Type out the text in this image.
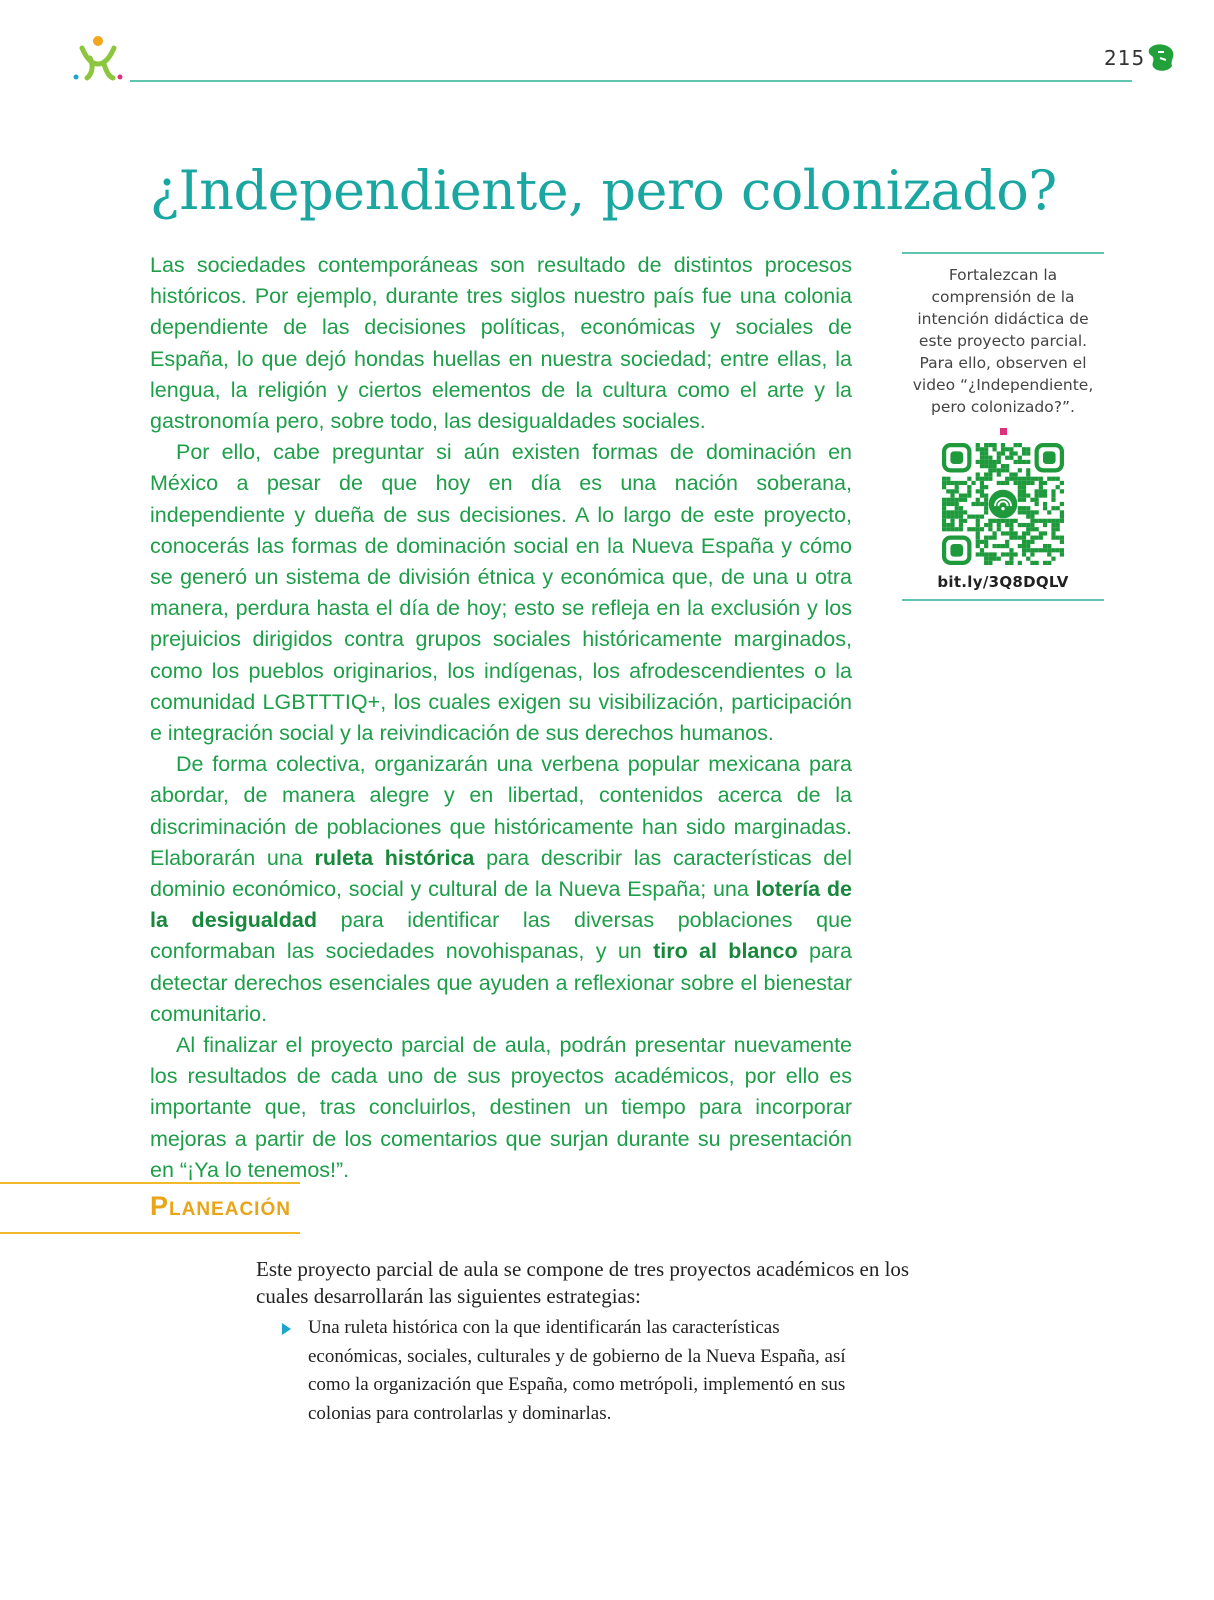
215
¿Independiente, pero colonizado?

Las sociedades contemporáneas son resultado de distintos procesos históricos. Por ejemplo, durante tres siglos nuestro país fue una colonia dependiente de las decisiones políticas, económicas y sociales de España, lo que dejó hondas huellas en nuestra sociedad; entre ellas, la lengua, la religión y ciertos elementos de la cultura como el arte y la gastronomía pero, sobre todo, las desigualdades sociales.

Por ello, cabe preguntar si aún existen formas de dominación en México a pesar de que hoy en día es una nación soberana, independiente y dueña de sus decisiones. A lo largo de este proyecto, conocerás las formas de dominación social en la Nueva España y cómo se generó un sistema de división étnica y económica que, de una u otra manera, perdura hasta el día de hoy; esto se refleja en la exclusión y los prejuicios dirigidos contra grupos sociales históricamente marginados, como los pueblos originarios, los indígenas, los afrodescendientes o la comunidad LGBTTTIQ+, los cuales exigen su visibilización, participación e integración social y la reivindicación de sus derechos humanos.

De forma colectiva, organizarán una verbena popular mexicana para abordar, de manera alegre y en libertad, contenidos acerca de la discriminación de poblaciones que históricamente han sido marginadas. Elaborarán una ruleta histórica para describir las características del dominio económico, social y cultural de la Nueva España; una lotería de la desigualdad para identificar las diversas poblaciones que conformaban las sociedades novohispanas, y un tiro al blanco para detectar derechos esenciales que ayuden a reflexionar sobre el bienestar comunitario.

Al finalizar el proyecto parcial de aula, podrán presentar nuevamente los resultados de cada uno de sus proyectos académicos, por ello es importante que, tras concluirlos, destinen un tiempo para incorporar mejoras a partir de los comentarios que surjan durante su presentación en “¡Ya lo tenemos!”.

Fortalezcan la comprensión de la intención didáctica de este proyecto parcial. Para ello, observen el video “¿Independiente, pero colonizado?”.
bit.ly/3Q8DQLV
Planeación

Este proyecto parcial de aula se compone de tres proyectos académicos en los cuales desarrollarán las siguientes estrategias:

Una ruleta histórica con la que identificarán las características económicas, sociales, culturales y de gobierno de la Nueva España, así como la organización que España, como metrópoli, implementó en sus colonias para controlarlas y dominarlas.
